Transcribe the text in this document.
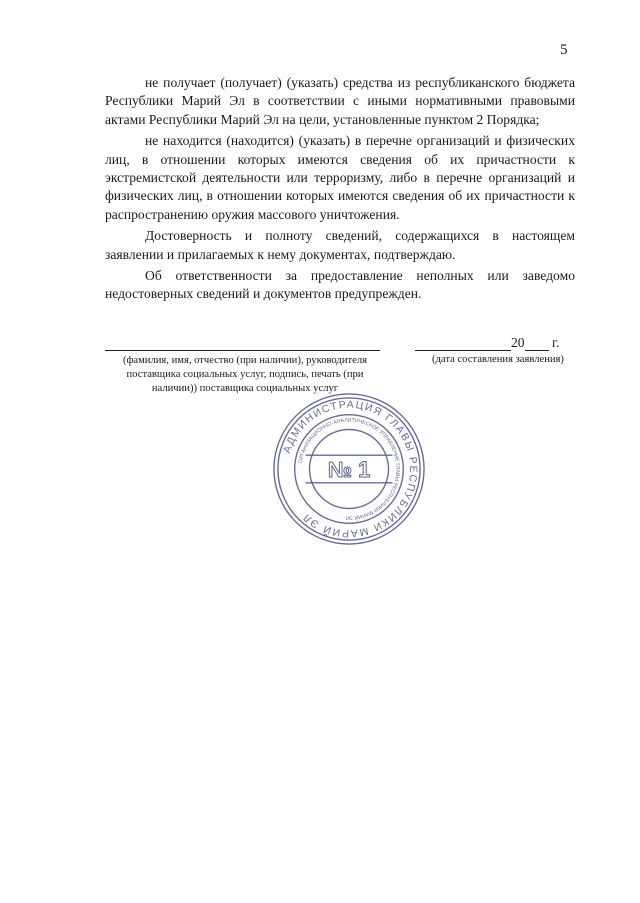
5

не получает (получает) (указать) средства из республиканского бюджета Республики Марий Эл в соответствии с иными нормативными правовыми актами Республики Марий Эл на цели, установленные пунктом 2 Порядка;

не находится (находится) (указать) в перечне организаций и физических лиц, в отношении которых имеются сведения об их причастности к экстремистской деятельности или терроризму, либо в перечне организаций и физических лиц, в отношении которых имеются сведения об их причастности к распространению оружия массового уничтожения.

Достоверность и полноту сведений, содержащихся в настоящем заявлении и прилагаемых к нему документах, подтверждаю.

Об ответственности за предоставление неполных или заведомо недостоверных сведений и документов предупрежден.

(фамилия, имя, отчество (при наличии), руководителя поставщика социальных услуг, подпись, печать (при наличии)) поставщика социальных услуг
20 г.
(дата составления заявления)
АДМИНИСТРАЦИЯ ГЛАВЫ РЕСПУБЛИКИ МАРИЙ ЭЛ
ОРГАНИЗАЦИОННО-АНАЛИТИЧЕСКОЕ УПРАВЛЕНИЕ ГЛАВЫ РЕСПУБЛИКИ МАРИЙ ЭЛ
№ 1
